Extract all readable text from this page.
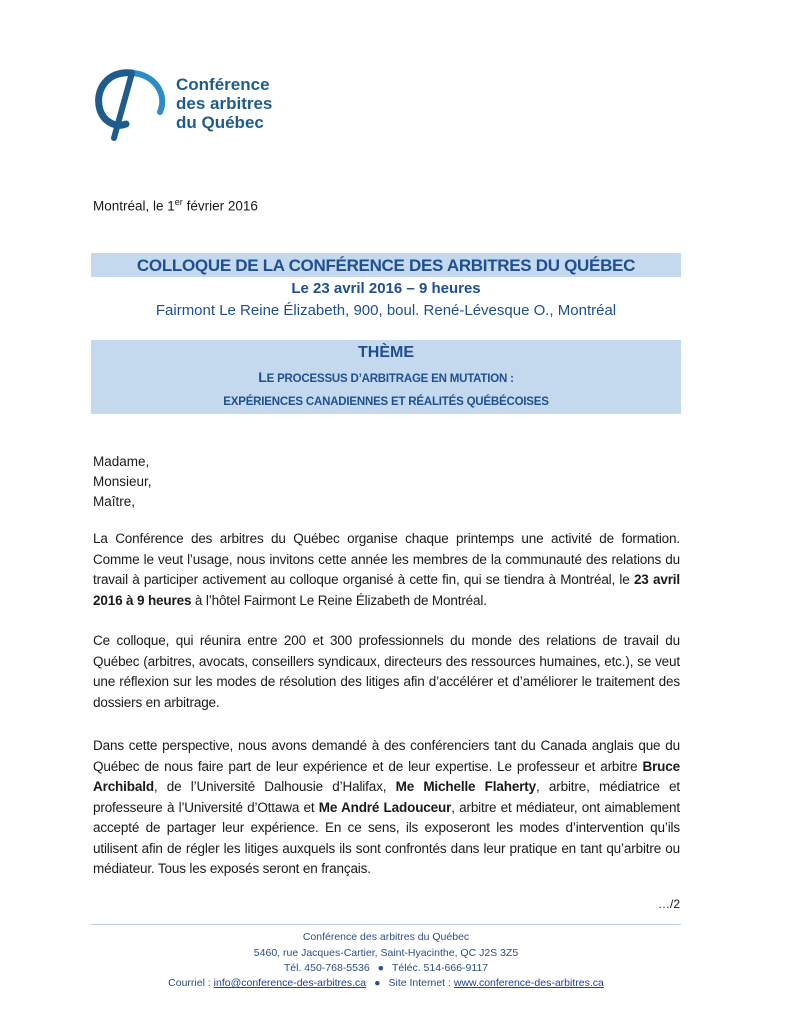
Conférence
des arbitres
du Québec
Montréal, le 1er février 2016
COLLOQUE DE LA CONFÉRENCE DES ARBITRES DU QUÉBEC
Le 23 avril 2016 – 9 heures
Fairmont Le Reine Élizabeth, 900, boul. René-Lévesque O., Montréal
THÈME
LE PROCESSUS D’ARBITRAGE EN MUTATION :
EXPÉRIENCES CANADIENNES ET RÉALITÉS QUÉBÉCOISES
Madame,
Monsieur,
Maître,

La Conférence des arbitres du Québec organise chaque printemps une activité de formation. Comme le veut l’usage, nous invitons cette année les membres de la communauté des relations du travail à participer activement au colloque organisé à cette fin, qui se tiendra à Montréal, le 23 avril 2016 à 9 heures à l’hôtel Fairmont Le Reine Élizabeth de Montréal.

Ce colloque, qui réunira entre 200 et 300 professionnels du monde des relations de travail du Québec (arbitres, avocats, conseillers syndicaux, directeurs des ressources humaines, etc.), se veut une réflexion sur les modes de résolution des litiges afin d’accélérer et d’améliorer le traitement des dossiers en arbitrage.

Dans cette perspective, nous avons demandé à des conférenciers tant du Canada anglais que du Québec de nous faire part de leur expérience et de leur expertise. Le professeur et arbitre Bruce Archibald, de l’Université Dalhousie d’Halifax, Me Michelle Flaherty, arbitre, médiatrice et professeure à l’Université d’Ottawa et Me André Ladouceur, arbitre et médiateur, ont aimablement accepté de partager leur expérience. En ce sens, ils exposeront les modes d’intervention qu’ils utilisent afin de régler les litiges auxquels ils sont confrontés dans leur pratique en tant qu’arbitre ou médiateur. Tous les exposés seront en français.

…/2
Conférence des arbitres du Québec
5460, rue Jacques-Cartier, Saint-Hyacinthe, QC J2S 3Z5
Tél. 450-768-5536 ● Téléc. 514-666-9117
Courriel : info@conference-des-arbitres.ca ● Site Internet : www.conference-des-arbitres.ca
